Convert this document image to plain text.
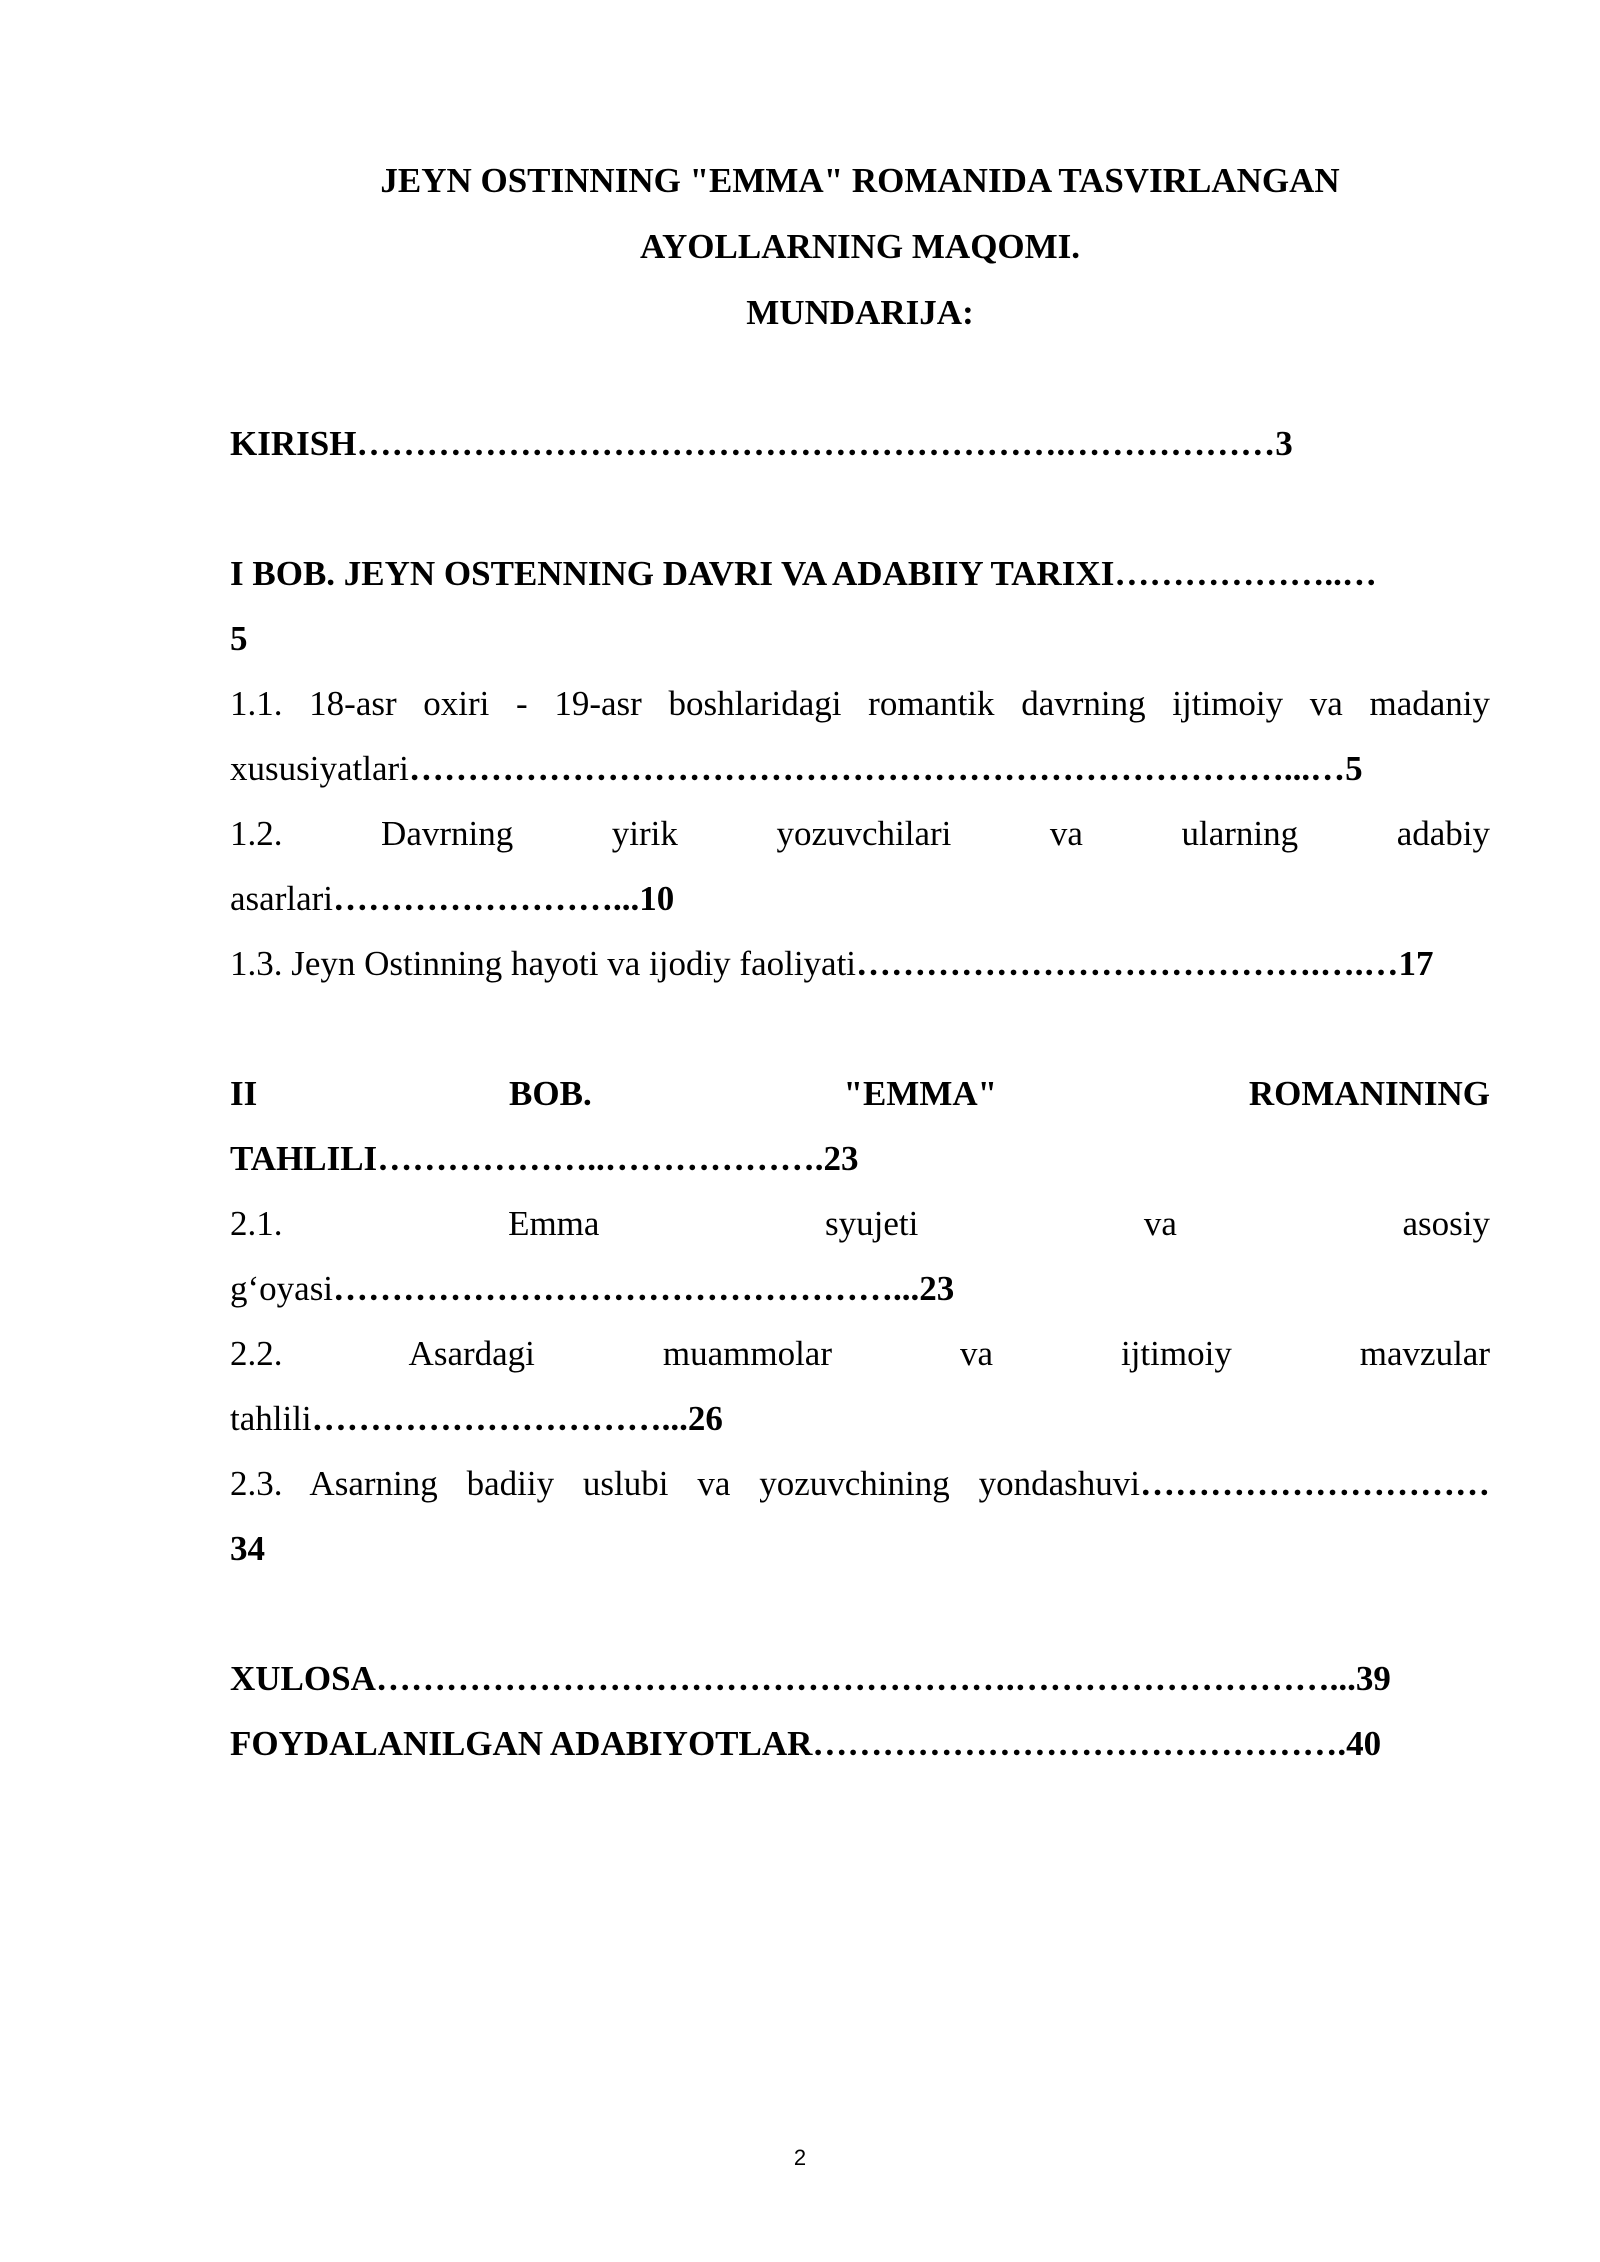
JEYN OSTINNING "EMMA" ROMANIDA TASVIRLANGAN

AYOLLARNING MAQOMI.

MUNDARIJA:

KIRISH…………………………………………………….………………3

I BOB. JEYN OSTENNING DAVRI VA ADABIIY TARIXI………………..…

5

1.1. 18-asr oxiri - 19-asr boshlaridagi romantik davrning ijtimoiy va madaniy

xususiyatlari…………………………………………………………………...…5

1.2. Davrning yirik yozuvchilari va ularning adabiy

asarlari……………………...10

1.3. Jeyn Ostinning hayoti va ijodiy faoliyati………………………………….….…17

II BOB. "EMMA" ROMANINING

TAHLILI………………..……………….23

2.1. Emma syujeti va asosiy

g‘oyasi…………………………………………...23

2.2. Asardagi muammolar va ijtimoiy mavzular

tahlili…………………………...26

2.3. Asarning badiiy uslubi va yozuvchining yondashuvi…………………………

34

XULOSA……………………………………………….………………………...39

FOYDALANILGAN ADABIYOTLAR……………………………………….40

2
